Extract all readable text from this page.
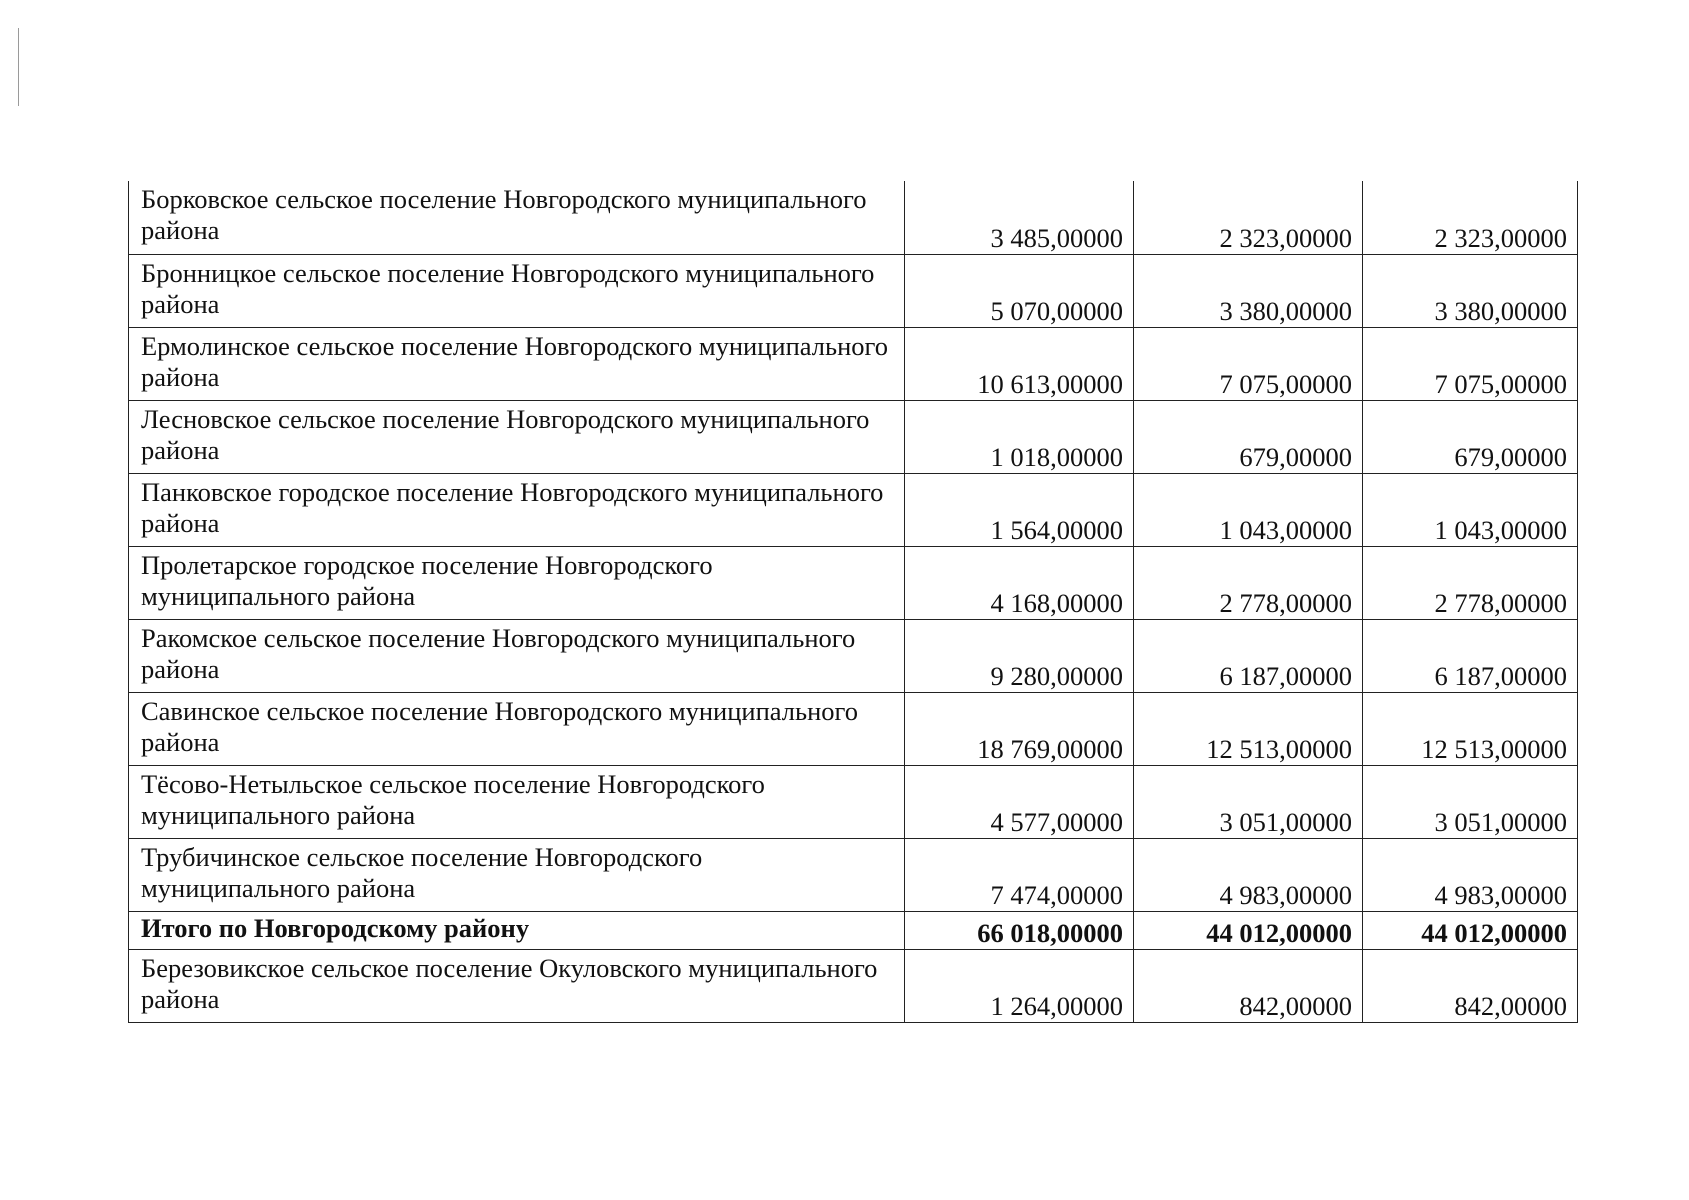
Борковское сельское поселение Новгородского муниципального района	3 485,00000	2 323,00000	2 323,00000
Бронницкое сельское поселение Новгородского муниципального района	5 070,00000	3 380,00000	3 380,00000
Ермолинское сельское поселение Новгородского муниципального района	10 613,00000	7 075,00000	7 075,00000
Лесновское сельское поселение Новгородского муниципального района	1 018,00000	679,00000	679,00000
Панковское городское поселение Новгородского муниципального района	1 564,00000	1 043,00000	1 043,00000
Пролетарское городское поселение Новгородского муниципального района	4 168,00000	2 778,00000	2 778,00000
Ракомское сельское поселение Новгородского муниципального района	9 280,00000	6 187,00000	6 187,00000
Савинское сельское поселение Новгородского муниципального района	18 769,00000	12 513,00000	12 513,00000
Тёсово-Нетыльское сельское поселение Новгородского муниципального района	4 577,00000	3 051,00000	3 051,00000
Трубичинское сельское поселение Новгородского муниципального района	7 474,00000	4 983,00000	4 983,00000
Итого по Новгородскому району	66 018,00000	44 012,00000	44 012,00000
Березовикское сельское поселение Окуловского муниципального района	1 264,00000	842,00000	842,00000
